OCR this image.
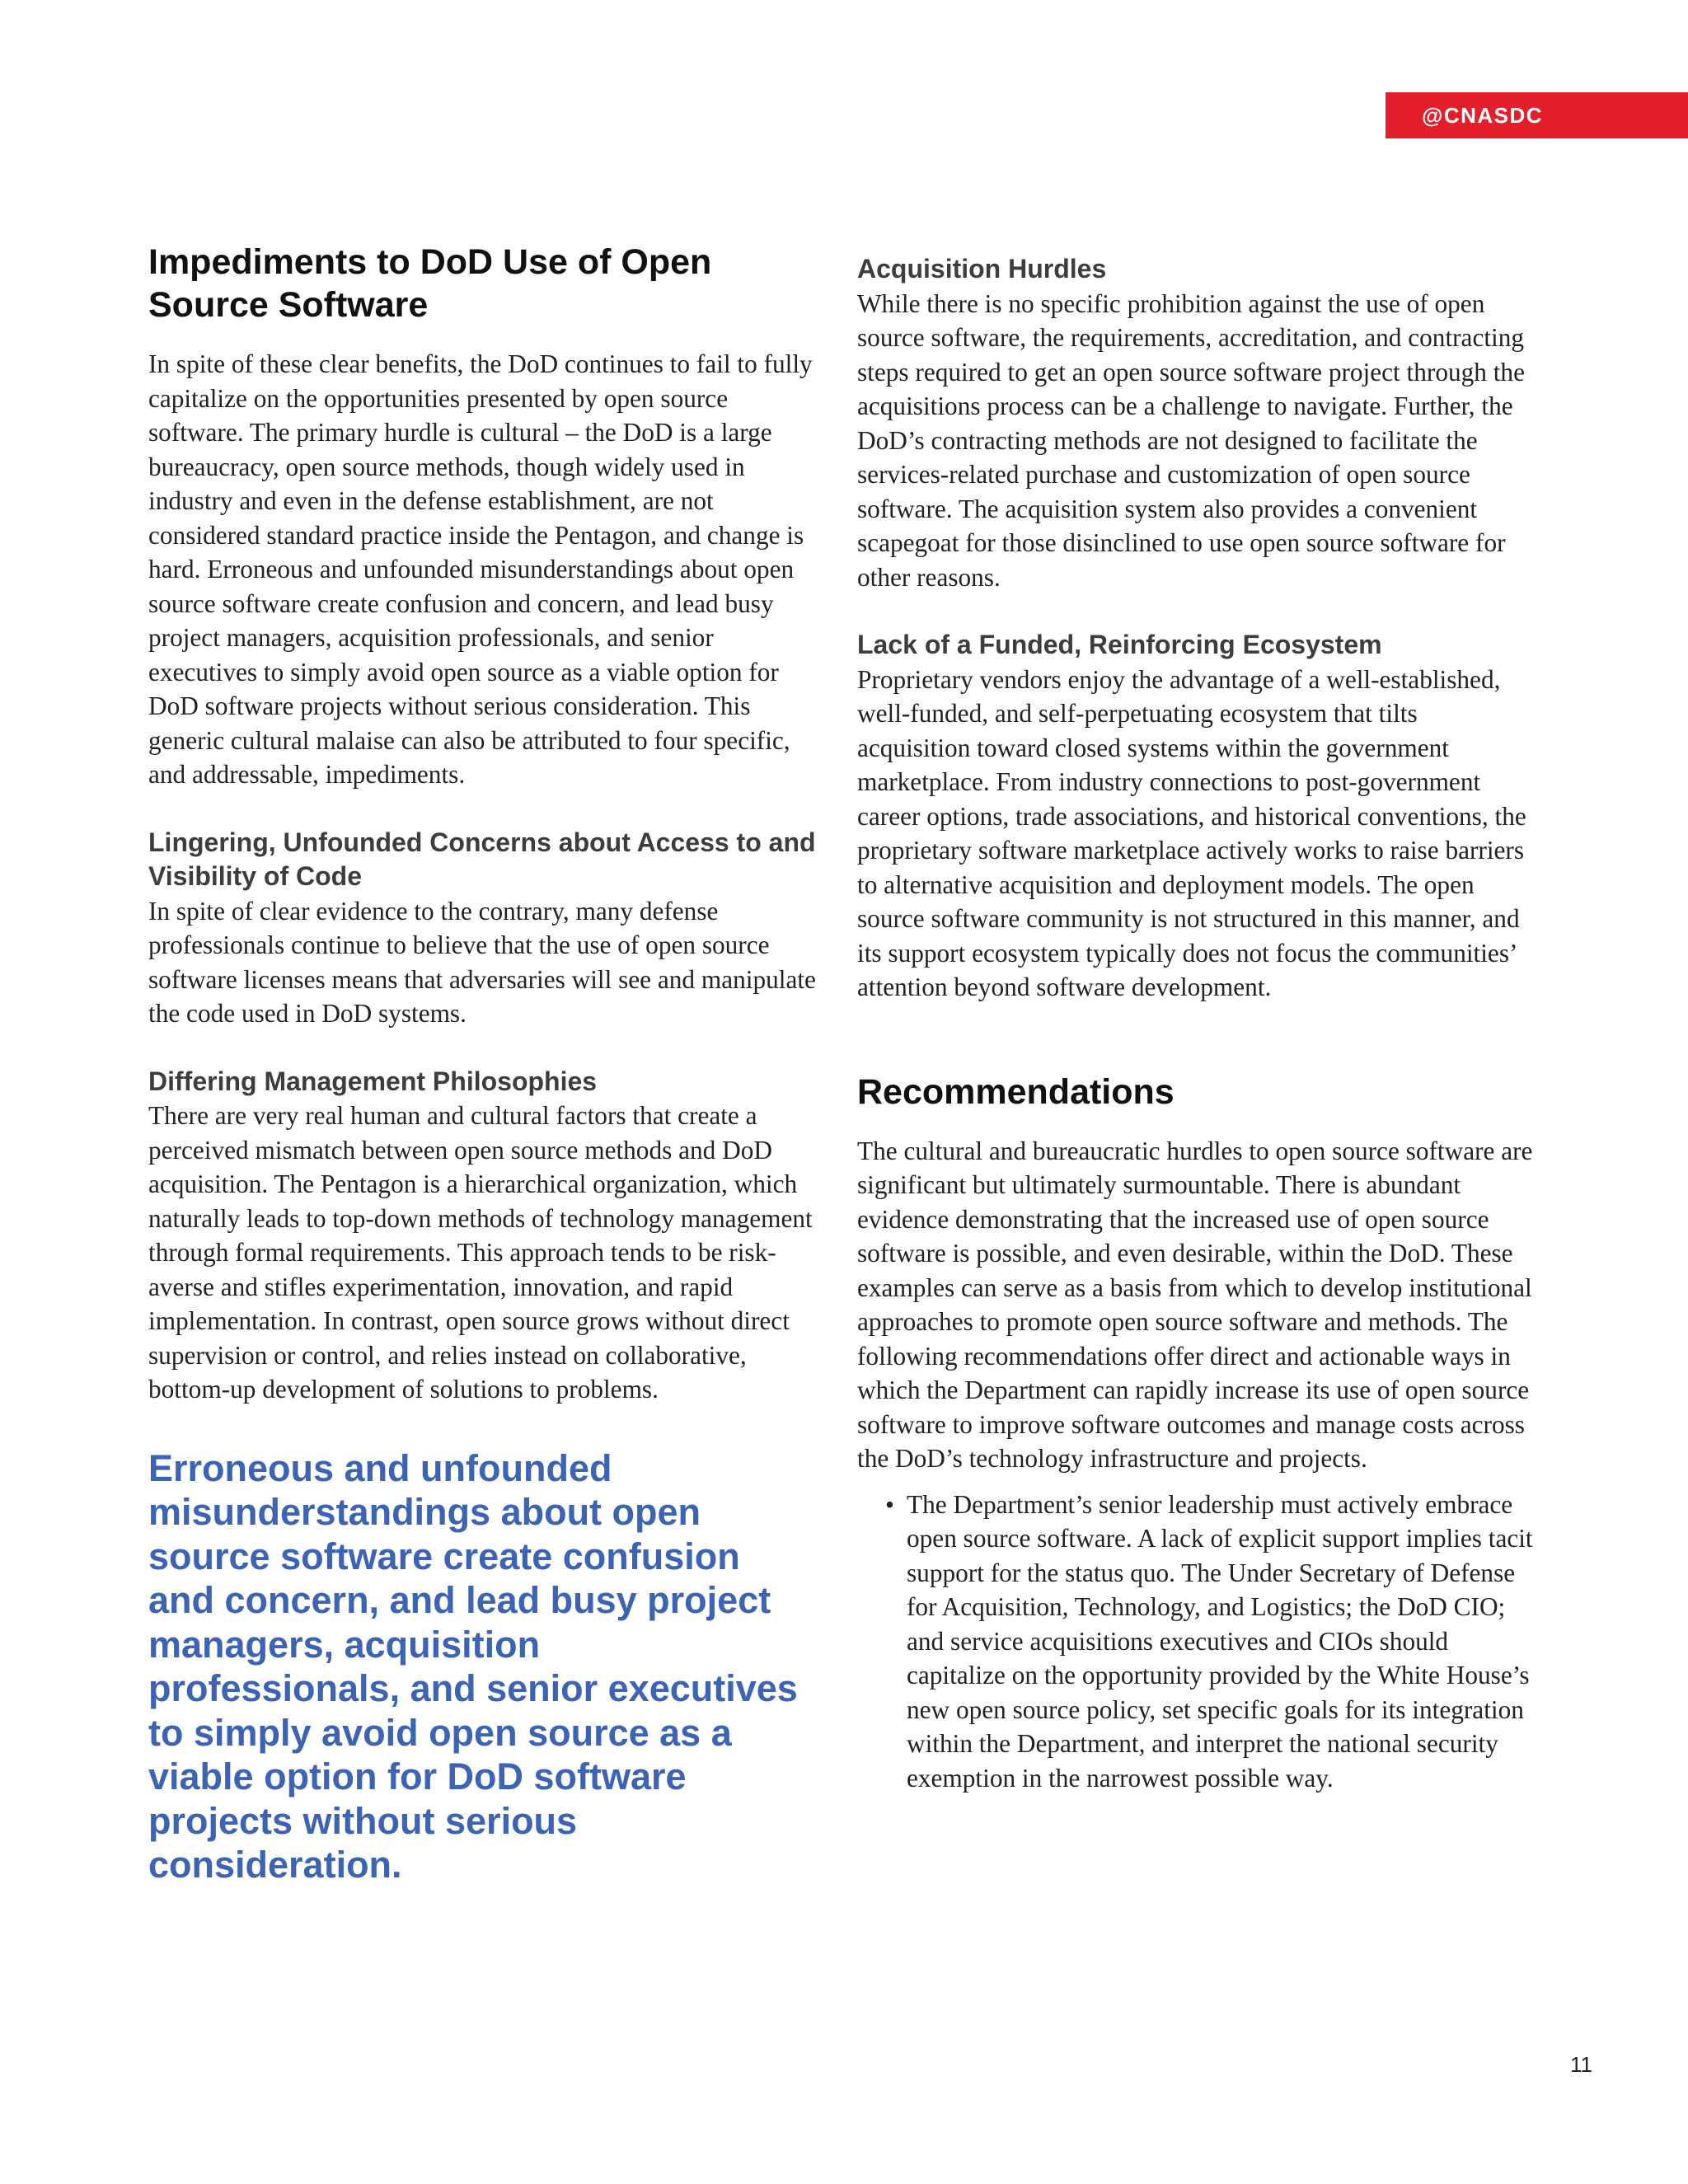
@CNASDC
Impediments to DoD Use of Open Source Software

In spite of these clear benefits, the DoD continues to fail to fully capitalize on the opportunities presented by open source software. The primary hurdle is cultural – the DoD is a large bureaucracy, open source methods, though widely used in industry and even in the defense establishment, are not considered standard practice inside the Pentagon, and change is hard. Erroneous and unfounded misunderstandings about open source software create confusion and concern, and lead busy project managers, acquisition professionals, and senior executives to simply avoid open source as a viable option for DoD software projects without serious consideration. This generic cultural malaise can also be attributed to four specific, and addressable, impediments.

Lingering, Unfounded Concerns about Access to and Visibility of Code

In spite of clear evidence to the contrary, many defense professionals continue to believe that the use of open source software licenses means that adversaries will see and manipulate the code used in DoD systems.

Differing Management Philosophies

There are very real human and cultural factors that create a perceived mismatch between open source methods and DoD acquisition. The Pentagon is a hierarchical organization, which naturally leads to top-down methods of technology management through formal requirements. This approach tends to be risk-averse and stifles experimentation, innovation, and rapid implementation. In contrast, open source grows without direct supervision or control, and relies instead on collaborative, bottom-up development of solutions to problems.

Erroneous and unfounded misunderstandings about open source software create confusion and concern, and lead busy project managers, acquisition professionals, and senior executives to simply avoid open source as a viable option for DoD software projects without serious consideration.

Acquisition Hurdles

While there is no specific prohibition against the use of open source software, the requirements, accreditation, and contracting steps required to get an open source software project through the acquisitions process can be a challenge to navigate. Further, the DoD’s contracting methods are not designed to facilitate the services-related purchase and customization of open source software. The acquisition system also provides a convenient scapegoat for those disinclined to use open source software for other reasons.

Lack of a Funded, Reinforcing Ecosystem

Proprietary vendors enjoy the advantage of a well-established, well-funded, and self-perpetuating ecosystem that tilts acquisition toward closed systems within the government marketplace. From industry connections to post-government career options, trade associations, and historical conventions, the proprietary software marketplace actively works to raise barriers to alternative acquisition and deployment models. The open source software community is not structured in this manner, and its support ecosystem typically does not focus the communities’ attention beyond software development.

Recommendations

The cultural and bureaucratic hurdles to open source software are significant but ultimately surmountable. There is abundant evidence demonstrating that the increased use of open source software is possible, and even desirable, within the DoD. These examples can serve as a basis from which to develop institutional approaches to promote open source software and methods. The following recommendations offer direct and actionable ways in which the Department can rapidly increase its use of open source software to improve software outcomes and manage costs across the DoD’s technology infrastructure and projects.

• The Department’s senior leadership must actively embrace open source software. A lack of explicit support implies tacit support for the status quo. The Under Secretary of Defense for Acquisition, Technology, and Logistics; the DoD CIO; and service acquisitions executives and CIOs should capitalize on the opportunity provided by the White House’s new open source policy, set specific goals for its integration within the Department, and interpret the national security exemption in the narrowest possible way.
11
